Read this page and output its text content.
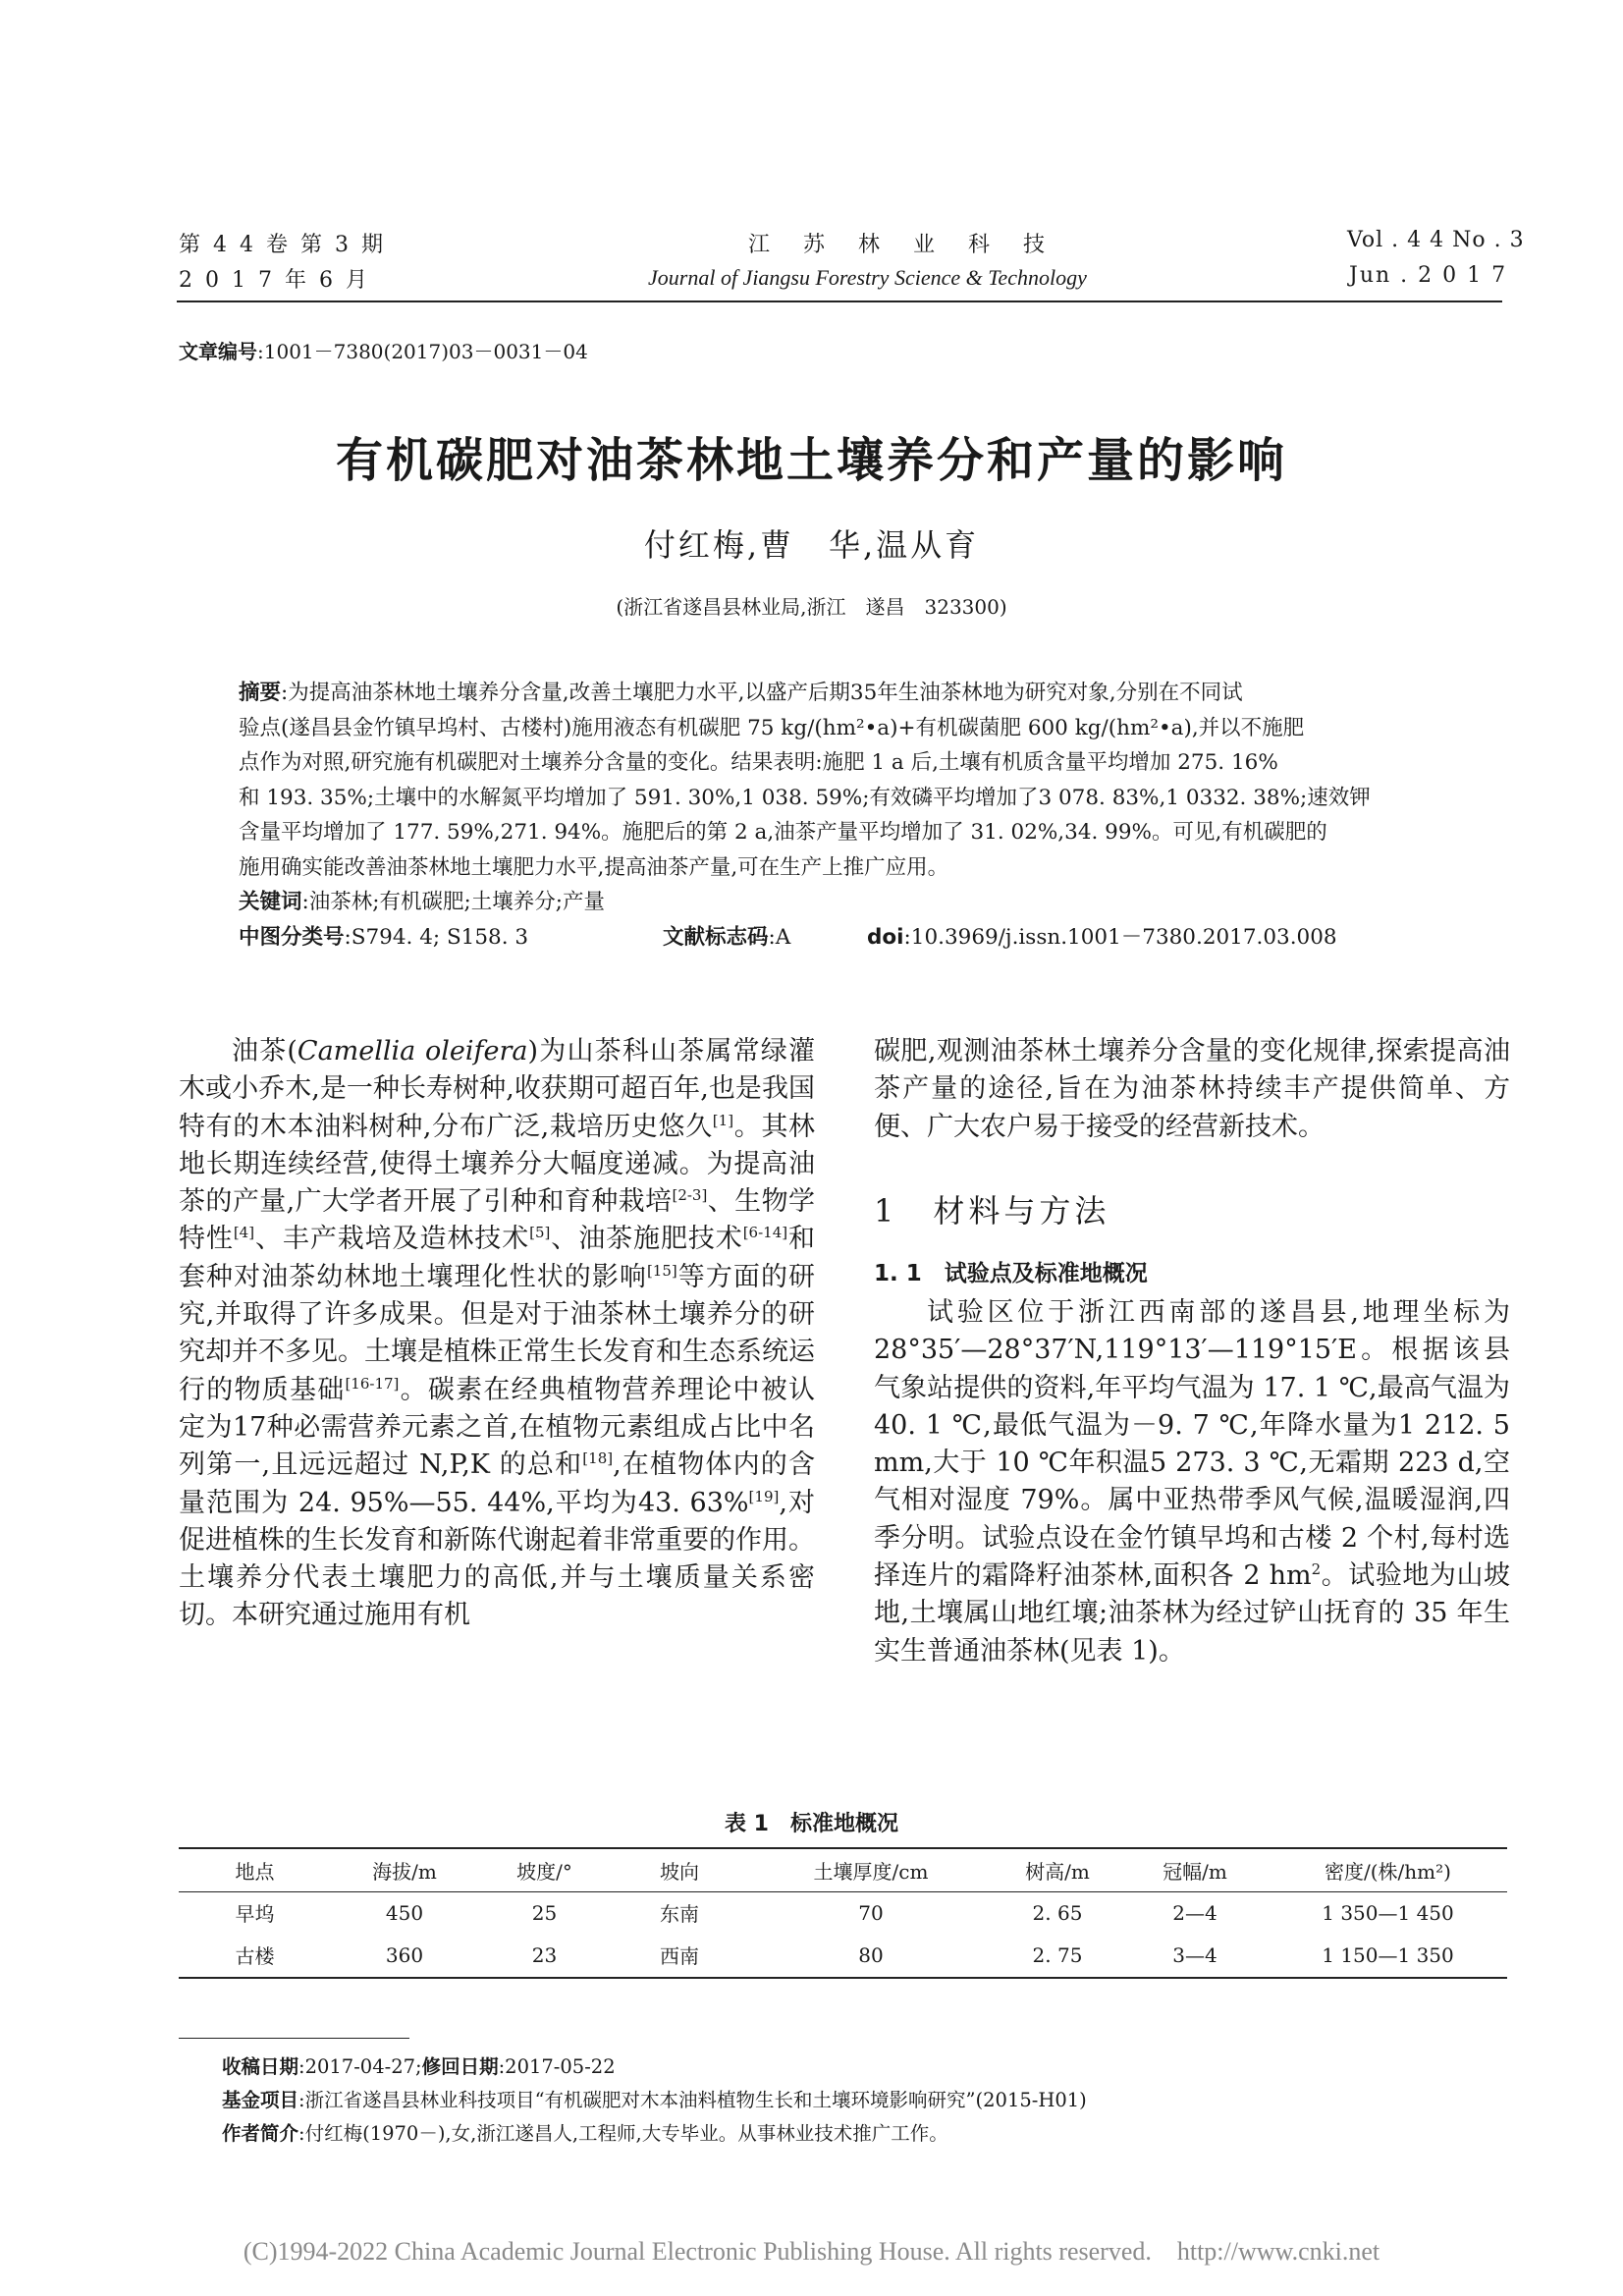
第 4 4 卷 第 3 期
2 0 1 7 年 6 月
江　苏　林　业　科　技
Journal of Jiangsu Forestry Science & Technology
Vol . 4 4 No . 3
Jun . 2 0 1 7
文章编号:1001－7380(2017)03－0031－04
有机碳肥对油茶林地土壤养分和产量的影响
付红梅,曹　华,温从育
(浙江省遂昌县林业局,浙江　遂昌　323300)
摘要:为提高油茶林地土壤养分含量,改善土壤肥力水平,以盛产后期35年生油茶林地为研究对象,分别在不同试
验点(遂昌县金竹镇早坞村、古楼村)施用液态有机碳肥 75 kg/(hm²•a)+有机碳菌肥 600 kg/(hm²•a),并以不施肥
点作为对照,研究施有机碳肥对土壤养分含量的变化。结果表明:施肥 1 a 后,土壤有机质含量平均增加 275. 16%
和 193. 35%;土壤中的水解氮平均增加了 591. 30%,1 038. 59%;有效磷平均增加了3 078. 83%,1 0332. 38%;速效钾
含量平均增加了 177. 59%,271. 94%。施肥后的第 2 a,油茶产量平均增加了 31. 02%,34. 99%。可见,有机碳肥的
施用确实能改善油茶林地土壤肥力水平,提高油茶产量,可在生产上推广应用。
关键词:油茶林;有机碳肥;土壤养分;产量
中图分类号:S794. 4; S158. 3	文献标志码:A	doi:10.3969/j.issn.1001－7380.2017.03.008
油茶(Camellia oleifera)为山茶科山茶属常绿灌木或小乔木,是一种长寿树种,收获期可超百年,也是我国特有的木本油料树种,分布广泛,栽培历史悠久[1]。其林地长期连续经营,使得土壤养分大幅度递减。为提高油茶的产量,广大学者开展了引种和育种栽培[2-3]、生物学特性[4]、丰产栽培及造林技术[5]、油茶施肥技术[6-14]和套种对油茶幼林地土壤理化性状的影响[15]等方面的研究,并取得了许多成果。但是对于油茶林土壤养分的研究却并不多见。土壤是植株正常生长发育和生态系统运行的物质基础[16-17]。碳素在经典植物营养理论中被认定为17种必需营养元素之首,在植物元素组成占比中名列第一,且远远超过 N,P,K 的总和[18],在植物体内的含量范围为 24. 95%—55. 44%,平均为43. 63%[19],对促进植株的生长发育和新陈代谢起着非常重要的作用。土壤养分代表土壤肥力的高低,并与土壤质量关系密切。本研究通过施用有机
碳肥,观测油茶林土壤养分含量的变化规律,探索提高油茶产量的途径,旨在为油茶林持续丰产提供简单、方便、广大农户易于接受的经营新技术。
1　材料与方法
1. 1　试验点及标准地概况
试验区位于浙江西南部的遂昌县,地理坐标为 28°35′—28°37′N,119°13′—119°15′E。根据该县气象站提供的资料,年平均气温为 17. 1 ℃,最高气温为 40. 1 ℃,最低气温为－9. 7 ℃,年降水量为1 212. 5 mm,大于 10 ℃年积温5 273. 3 ℃,无霜期 223 d,空气相对湿度 79%。属中亚热带季风气候,温暖湿润,四季分明。试验点设在金竹镇早坞和古楼 2 个村,每村选择连片的霜降籽油茶林,面积各 2 $hm^2$。试验地为山坡地,土壤属山地红壤;油茶林为经过铲山抚育的 35 年生实生普通油茶林(见表 1)。
表 1　标准地概况
地点	海拔/m	坡度/°	坡向	土壤厚度/cm	树高/m	冠幅/m	密度/(株/hm²)
早坞	450	25	东南	70	2. 65	2—4	1 350—1 450
古楼	360	23	西南	80	2. 75	3—4	1 150—1 350
收稿日期:2017-04-27;修回日期:2017-05-22
基金项目:浙江省遂昌县林业科技项目“有机碳肥对木本油料植物生长和土壤环境影响研究”(2015-H01)
作者简介:付红梅(1970－),女,浙江遂昌人,工程师,大专毕业。从事林业技术推广工作。
(C)1994-2022 China Academic Journal Electronic Publishing House. All rights reserved.    http://www.cnki.net
